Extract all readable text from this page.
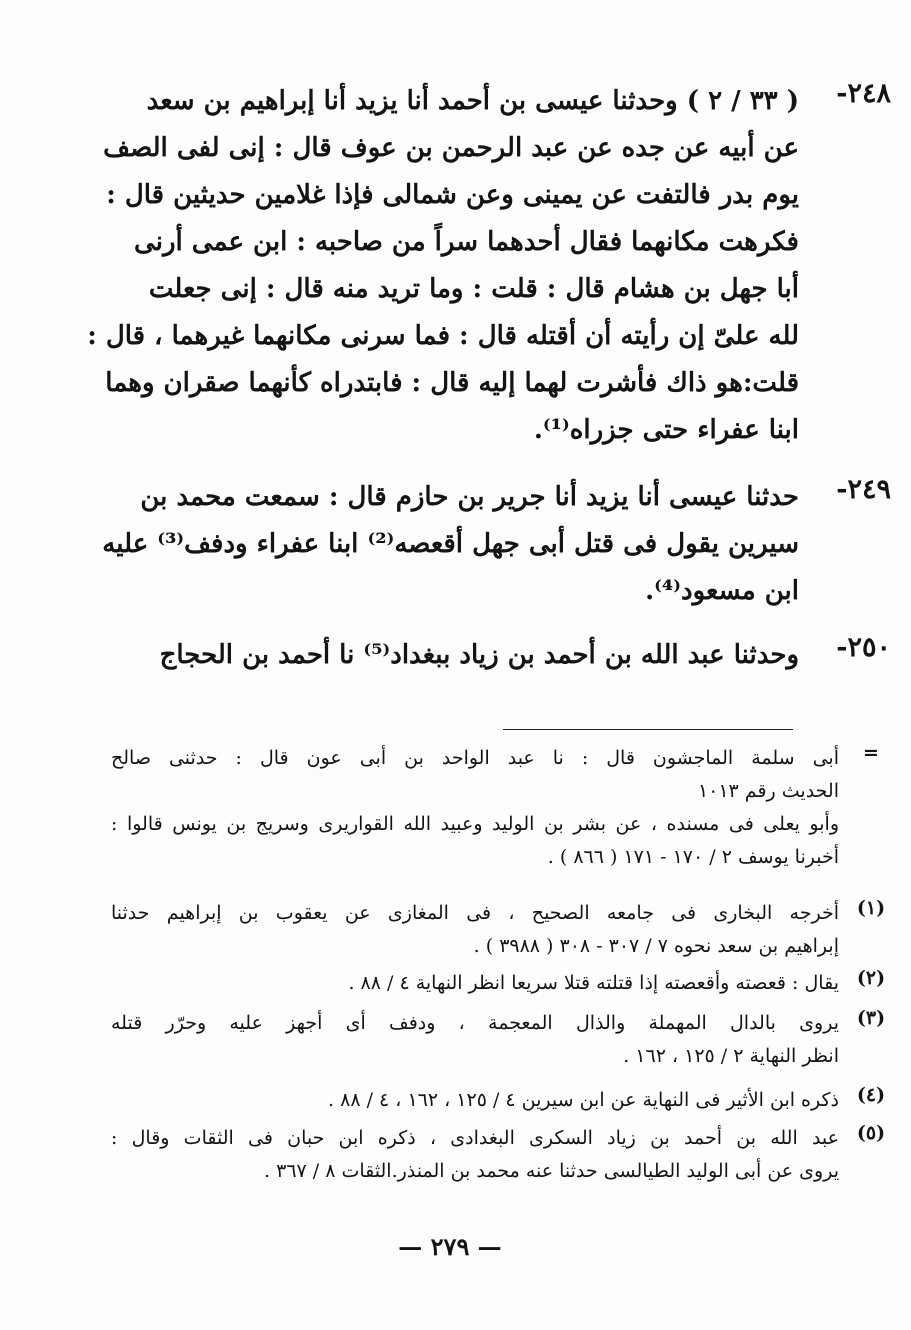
٢٤٨-
( ٣٣ / ٢ ) وحدثنا عيسى بن أحمد أنا يزيد أنا إبراهيم بن سعد
عن أبيه عن جده عن عبد الرحمن بن عوف قال : إنى لفى الصف
يوم بدر فالتفت عن يمينى وعن شمالى فإذا غلامين حديثين قال :
فكرهت مكانهما فقال أحدهما سراً من صاحبه : ابن عمى أرنى
أبا جهل بن هشام قال : قلت : وما تريد منه قال : إنى جعلت
لله علىّ إن رأيته أن أقتله قال : فما سرنى مكانهما غيرهما ، قال :
قلت:هو ذاك فأشرت لهما إليه قال : فابتدراه كأنهما صقران وهما
ابنا عفراء حتى جزراه⁽¹⁾.
٢٤٩-
حدثنا عيسى أنا يزيد أنا جرير بن حازم قال : سمعت محمد بن
سيرين يقول فى قتل أبى جهل أقعصه⁽²⁾ ابنا عفراء ودفف⁽³⁾ عليه
ابن مسعود⁽⁴⁾.
٢٥٠-
وحدثنا عبد الله بن أحمد بن زياد ببغداد⁽⁵⁾ نا أحمد بن الحجاج
=
أبى سلمة الماجشون قال : نا عبد الواحد بن أبى عون قال : حدثنى صالح
الحديث رقم ١٠١٣
وأبو يعلى فى مسنده ، عن بشر بن الوليد وعبيد الله القواريرى وسريج بن يونس قالوا :
أخبرنا يوسف ٢ / ١٧٠ - ١٧١ ( ٨٦٦ ) .
(١)
أخرجه البخارى فى جامعه الصحيح ، فى المغازى عن يعقوب بن إبراهيم حدثنا
إبراهيم بن سعد نحوه ٧ / ٣٠٧ - ٣٠٨ ( ٣٩٨٨ ) .
(٢)
يقال : قعصته وأقعصته إذا قتلته قتلا سريعا انظر النهاية ٤ / ٨٨ .
(٣)
يروى بالدال المهملة والذال المعجمة ، ودفف أى أجهز عليه وحرّر قتله
انظر النهاية ٢ / ١٢٥ ، ١٦٢ .
(٤)
ذكره ابن الأثير فى النهاية عن ابن سيرين ٤ / ١٢٥ ، ١٦٢ ، ٤ / ٨٨ .
(٥)
عبد الله بن أحمد بن زياد السكرى البغدادى ، ذكره ابن حبان فى الثقات وقال :
يروى عن أبى الوليد الطيالسى حدثنا عنه محمد بن المنذر.الثقات ٨ / ٣٦٧ .
— ٢٧٩ —
